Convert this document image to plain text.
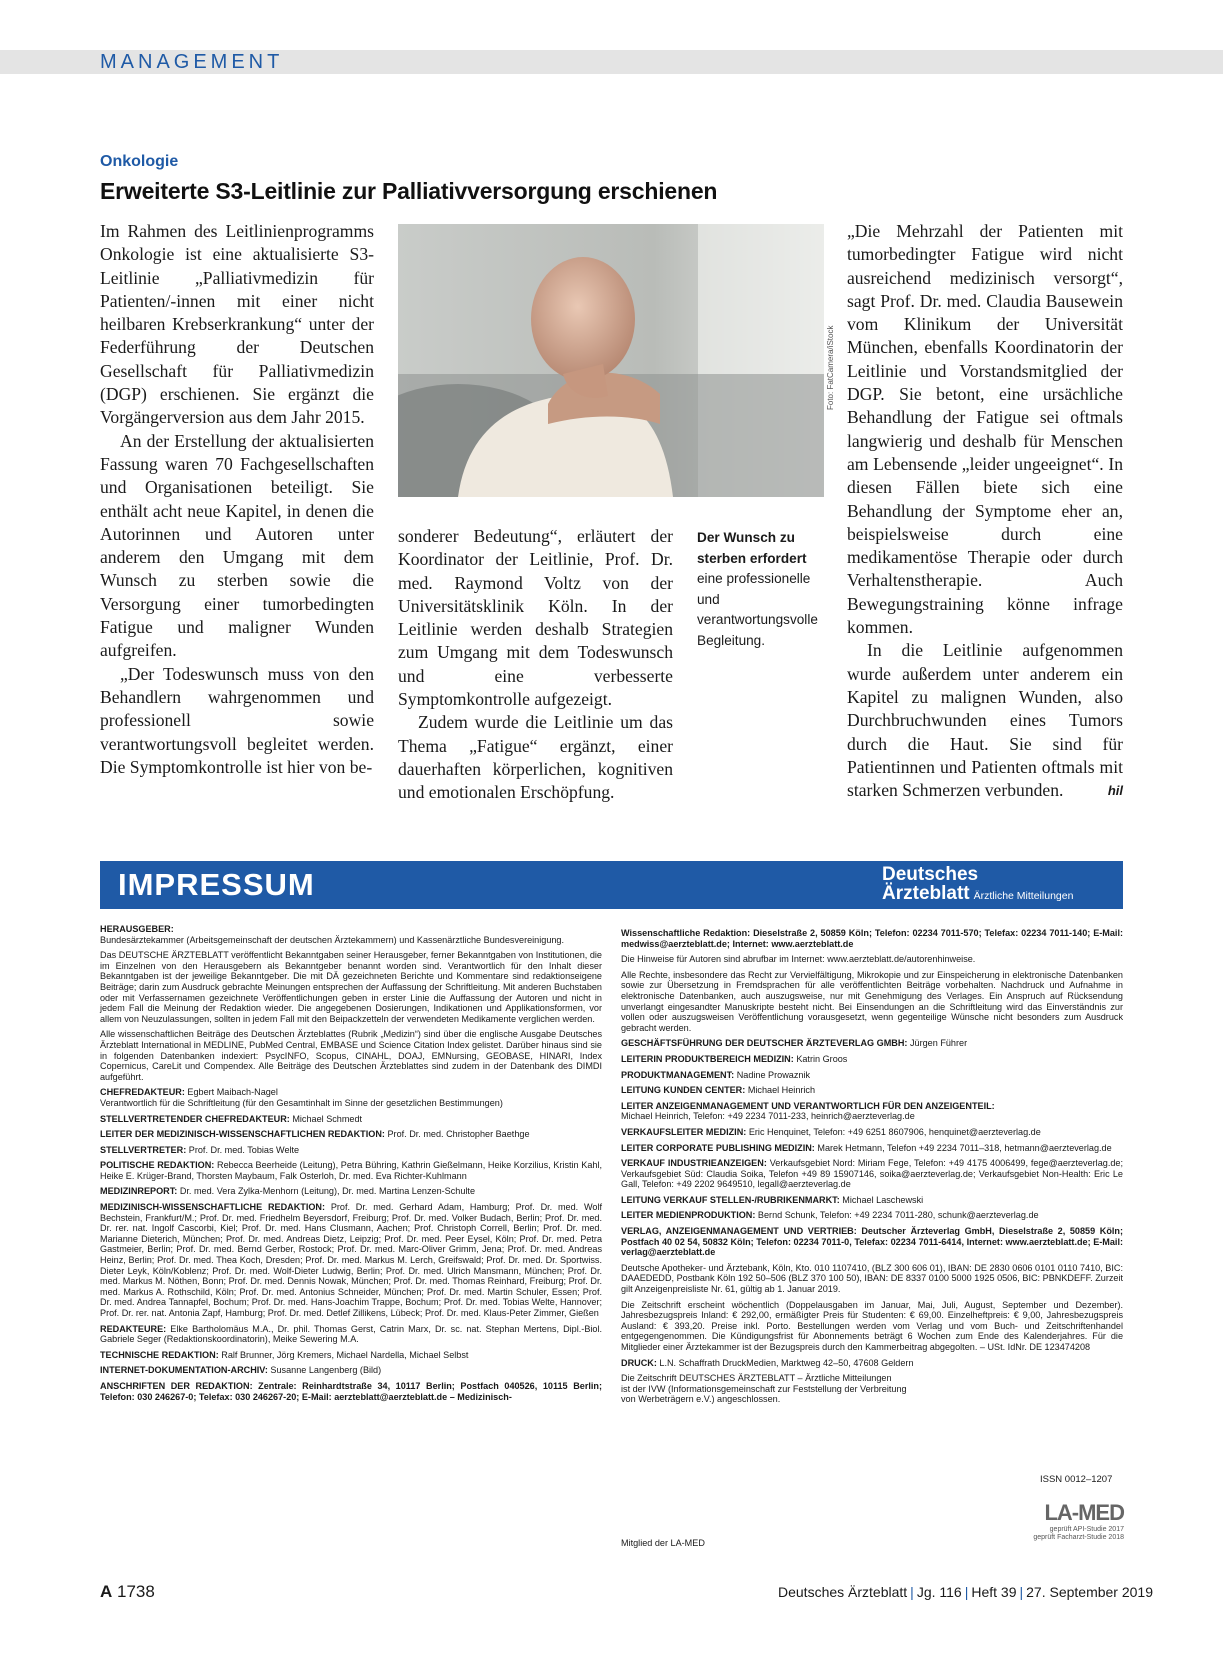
MANAGEMENT
Onkologie
Erweiterte S3-Leitlinie zur Palliativversorgung erschienen

Im Rahmen des Leitlinienprogramms Onkologie ist eine aktualisierte S3-Leitlinie „Palliativmedizin für Patienten/-innen mit einer nicht heilbaren Krebserkrankung“ unter der Federführung der Deutschen Gesellschaft für Palliativmedizin (DGP) erschienen. Sie ergänzt die Vorgängerversion aus dem Jahr 2015.

An der Erstellung der aktualisierten Fassung waren 70 Fachgesellschaften und Organisationen beteiligt. Sie enthält acht neue Kapitel, in denen die Autorinnen und Autoren unter anderem den Umgang mit dem Wunsch zu sterben sowie die Versorgung einer tumorbedingten Fatigue und maligner Wunden aufgreifen.

„Der Todeswunsch muss von den Behandlern wahrgenommen und professionell sowie verantwortungsvoll begleitet werden. Die Symptomkontrolle ist hier von be-

Foto: FatCamera/iStock

sonderer Bedeutung“, erläutert der Koordinator der Leitlinie, Prof. Dr. med. Raymond Voltz von der Universitätsklinik Köln. In der Leitlinie werden deshalb Strategien zum Umgang mit dem Todeswunsch und eine verbesserte Symptomkontrolle aufgezeigt.

Zudem wurde die Leitlinie um das Thema „Fatigue“ ergänzt, einer dauerhaften körperlichen, kognitiven und emotionalen Erschöpfung.

Der Wunsch zu sterben erfordert eine professionelle und verantwortungsvolle Begleitung.

„Die Mehrzahl der Patienten mit tumorbedingter Fatigue wird nicht ausreichend medizinisch versorgt“, sagt Prof. Dr. med. Claudia Bausewein vom Klinikum der Universität München, ebenfalls Koordinatorin der Leitlinie und Vorstandsmitglied der DGP. Sie betont, eine ursächliche Behandlung der Fatigue sei oftmals langwierig und deshalb für Menschen am Lebensende „leider ungeeignet“. In diesen Fällen biete sich eine Behandlung der Symptome eher an, beispielsweise durch eine medikamentöse Therapie oder durch Verhaltenstherapie. Auch Bewegungstraining könne infrage kommen.

In die Leitlinie aufgenommen wurde außerdem unter anderem ein Kapitel zu malignen Wunden, also Durchbruchwunden eines Tumors durch die Haut. Sie sind für Patientinnen und Patienten oftmals mit starken Schmerzen verbunden.	hil

IMPRESSUM	Deutsches
Ärzteblatt Ärztliche Mitteilungen

HERAUSGEBER:
Bundesärztekammer (Arbeitsgemeinschaft der deutschen Ärztekammern) und Kassenärztliche Bundesvereinigung.

Das DEUTSCHE ÄRZTEBLATT veröffentlicht Bekanntgaben seiner Herausgeber, ferner Bekanntgaben von Institutionen, die im Einzelnen von den Herausgebern als Bekanntgeber benannt worden sind. Verantwortlich für den Inhalt dieser Bekanntgaben ist der jeweilige Bekanntgeber. Die mit DÄ gezeichneten Berichte und Kommentare sind redaktionseigene Beiträge; darin zum Ausdruck gebrachte Meinungen entsprechen der Auffassung der Schriftleitung. Mit anderen Buchstaben oder mit Verfassernamen gezeichnete Veröffentlichungen geben in erster Linie die Auffassung der Autoren und nicht in jedem Fall die Meinung der Redaktion wieder. Die angegebenen Dosierungen, Indikationen und Applikationsformen, vor allem von Neuzulassungen, sollten in jedem Fall mit den Beipackzetteln der verwendeten Medikamente verglichen werden.

Alle wissenschaftlichen Beiträge des Deutschen Ärzteblattes (Rubrik „Medizin“) sind über die englische Ausgabe Deutsches Ärzteblatt International in MEDLINE, PubMed Central, EMBASE und Science Citation Index gelistet. Darüber hinaus sind sie in folgenden Datenbanken indexiert: PsycINFO, Scopus, CINAHL, DOAJ, EMNursing, GEOBASE, HINARI, Index Copernicus, CareLit und Compendex. Alle Beiträge des Deutschen Ärzteblattes sind zudem in der Datenbank des DIMDI aufgeführt.

CHEFREDAKTEUR: Egbert Maibach-Nagel
Verantwortlich für die Schriftleitung (für den Gesamtinhalt im Sinne der gesetzlichen Bestimmungen)

STELLVERTRETENDER CHEFREDAKTEUR: Michael Schmedt

LEITER DER MEDIZINISCH-WISSENSCHAFTLICHEN REDAKTION: Prof. Dr. med. Christopher Baethge

STELLVERTRETER: Prof. Dr. med. Tobias Welte

POLITISCHE REDAKTION: Rebecca Beerheide (Leitung), Petra Bühring, Kathrin Gießelmann, Heike Korzilius, Kristin Kahl, Heike E. Krüger-Brand, Thorsten Maybaum, Falk Osterloh, Dr. med. Eva Richter-Kuhlmann

MEDIZINREPORT: Dr. med. Vera Zylka-Menhorn (Leitung), Dr. med. Martina Lenzen-Schulte

MEDIZINISCH-WISSENSCHAFTLICHE REDAKTION: Prof. Dr. med. Gerhard Adam, Hamburg; Prof. Dr. med. Wolf Bechstein, Frankfurt/M.; Prof. Dr. med. Friedhelm Beyersdorf, Freiburg; Prof. Dr. med. Volker Budach, Berlin; Prof. Dr. med. Dr. rer. nat. Ingolf Cascorbi, Kiel; Prof. Dr. med. Hans Clusmann, Aachen; Prof. Christoph Correll, Berlin; Prof. Dr. med. Marianne Dieterich, München; Prof. Dr. med. Andreas Dietz, Leipzig; Prof. Dr. med. Peer Eysel, Köln; Prof. Dr. med. Petra Gastmeier, Berlin; Prof. Dr. med. Bernd Gerber, Rostock; Prof. Dr. med. Marc-Oliver Grimm, Jena; Prof. Dr. med. Andreas Heinz, Berlin; Prof. Dr. med. Thea Koch, Dresden; Prof. Dr. med. Markus M. Lerch, Greifswald; Prof. Dr. med. Dr. Sportwiss. Dieter Leyk, Köln/Koblenz; Prof. Dr. med. Wolf-Dieter Ludwig, Berlin; Prof. Dr. med. Ulrich Mansmann, München; Prof. Dr. med. Markus M. Nöthen, Bonn; Prof. Dr. med. Dennis Nowak, München; Prof. Dr. med. Thomas Reinhard, Freiburg; Prof. Dr. med. Markus A. Rothschild, Köln; Prof. Dr. med. Antonius Schneider, München; Prof. Dr. med. Martin Schuler, Essen; Prof. Dr. med. Andrea Tannapfel, Bochum; Prof. Dr. med. Hans-Joachim Trappe, Bochum; Prof. Dr. med. Tobias Welte, Hannover; Prof. Dr. rer. nat. Antonia Zapf, Hamburg; Prof. Dr. med. Detlef Zillikens, Lübeck; Prof. Dr. med. Klaus-Peter Zimmer, Gießen

REDAKTEURE: Elke Bartholomäus M.A., Dr. phil. Thomas Gerst, Catrin Marx, Dr. sc. nat. Stephan Mertens, Dipl.-Biol. Gabriele Seger (Redaktionskoordinatorin), Meike Sewering M.A.

TECHNISCHE REDAKTION: Ralf Brunner, Jörg Kremers, Michael Nardella, Michael Selbst

INTERNET-DOKUMENTATION-ARCHIV: Susanne Langenberg (Bild)

ANSCHRIFTEN DER REDAKTION: Zentrale: Reinhardtstraße 34, 10117 Berlin; Postfach 040526, 10115 Berlin; Telefon: 030 246267-0; Telefax: 030 246267-20; E-Mail: aerzteblatt@aerzteblatt.de – Medizinisch-

Wissenschaftliche Redaktion: Dieselstraße 2, 50859 Köln; Telefon: 02234 7011-570; Telefax: 02234 7011-140; E-Mail: medwiss@aerzteblatt.de; Internet: www.aerzteblatt.de

Die Hinweise für Autoren sind abrufbar im Internet: www.aerzteblatt.de/autorenhinweise.

Alle Rechte, insbesondere das Recht zur Vervielfältigung, Mikrokopie und zur Einspeicherung in elektronische Datenbanken sowie zur Übersetzung in Fremdsprachen für alle veröffentlichten Beiträge vorbehalten. Nachdruck und Aufnahme in elektronische Datenbanken, auch auszugsweise, nur mit Genehmigung des Verlages. Ein Anspruch auf Rücksendung unverlangt eingesandter Manuskripte besteht nicht. Bei Einsendungen an die Schriftleitung wird das Einverständnis zur vollen oder auszugsweisen Veröffentlichung vorausgesetzt, wenn gegenteilige Wünsche nicht besonders zum Ausdruck gebracht werden.

GESCHÄFTSFÜHRUNG DER DEUTSCHER ÄRZTEVERLAG GMBH: Jürgen Führer

LEITERIN PRODUKTBEREICH MEDIZIN: Katrin Groos

PRODUKTMANAGEMENT: Nadine Prowaznik

LEITUNG KUNDEN CENTER: Michael Heinrich

LEITER ANZEIGENMANAGEMENT UND VERANTWORTLICH FÜR DEN ANZEIGENTEIL:
Michael Heinrich, Telefon: +49 2234 7011-233, heinrich@aerzteverlag.de

VERKAUFSLEITER MEDIZIN: Eric Henquinet, Telefon: +49 6251 8607906, henquinet@aerzteverlag.de

LEITER CORPORATE PUBLISHING MEDIZIN: Marek Hetmann, Telefon +49 2234 7011–318, hetmann@aerzteverlag.de

VERKAUF INDUSTRIEANZEIGEN: Verkaufsgebiet Nord: Miriam Fege, Telefon: +49 4175 4006499, fege@aerzteverlag.de; Verkaufsgebiet Süd: Claudia Soika, Telefon +49 89 15907146, soika@aerzteverlag.de; Verkaufsgebiet Non-Health: Eric Le Gall, Telefon: +49 2202 9649510, legall@aerzteverlag.de

LEITUNG VERKAUF STELLEN-/RUBRIKENMARKT: Michael Laschewski

LEITER MEDIENPRODUKTION: Bernd Schunk, Telefon: +49 2234 7011-280, schunk@aerzteverlag.de

VERLAG, ANZEIGENMANAGEMENT UND VERTRIEB: Deutscher Ärzteverlag GmbH, Dieselstraße 2, 50859 Köln; Postfach 40 02 54, 50832 Köln; Telefon: 02234 7011-0, Telefax: 02234 7011-6414, Internet: www.aerzteblatt.de; E-Mail: verlag@aerzteblatt.de

Deutsche Apotheker- und Ärztebank, Köln, Kto. 010 1107410, (BLZ 300 606 01), IBAN: DE 2830 0606 0101 0110 7410, BIC: DAAEDEDD, Postbank Köln 192 50–506 (BLZ 370 100 50), IBAN: DE 8337 0100 5000 1925 0506, BIC: PBNKDEFF. Zurzeit gilt Anzeigenpreisliste Nr. 61, gültig ab 1. Januar 2019.

Die Zeitschrift erscheint wöchentlich (Doppelausgaben im Januar, Mai, Juli, August, September und Dezember). Jahresbezugspreis Inland: € 292,00, ermäßigter Preis für Studenten: € 69,00. Einzelheftpreis: € 9,00, Jahresbezugspreis Ausland: € 393,20. Preise inkl. Porto. Bestellungen werden vom Verlag und vom Buch- und Zeitschriftenhandel entgegengenommen. Die Kündigungsfrist für Abonnements beträgt 6 Wochen zum Ende des Kalenderjahres. Für die Mitglieder einer Ärztekammer ist der Bezugspreis durch den Kammerbeitrag abgegolten. – USt. IdNr. DE 123474208

DRUCK: L.N. Schaffrath DruckMedien, Marktweg 42–50, 47608 Geldern

Die Zeitschrift DEUTSCHES ÄRZTEBLATT – Ärztliche Mitteilungen
ist der IVW (Informationsgemeinschaft zur Feststellung der Verbreitung
von Werbeträgern e.V.) angeschlossen.

ISSN 0012–1207
LA-MED
geprüft API-Studie 2017
geprüft Facharzt-Studie 2018
Mitglied der LA-MED
A 1738	Deutsches Ärzteblatt | Jg. 116 | Heft 39 | 27. September 2019
